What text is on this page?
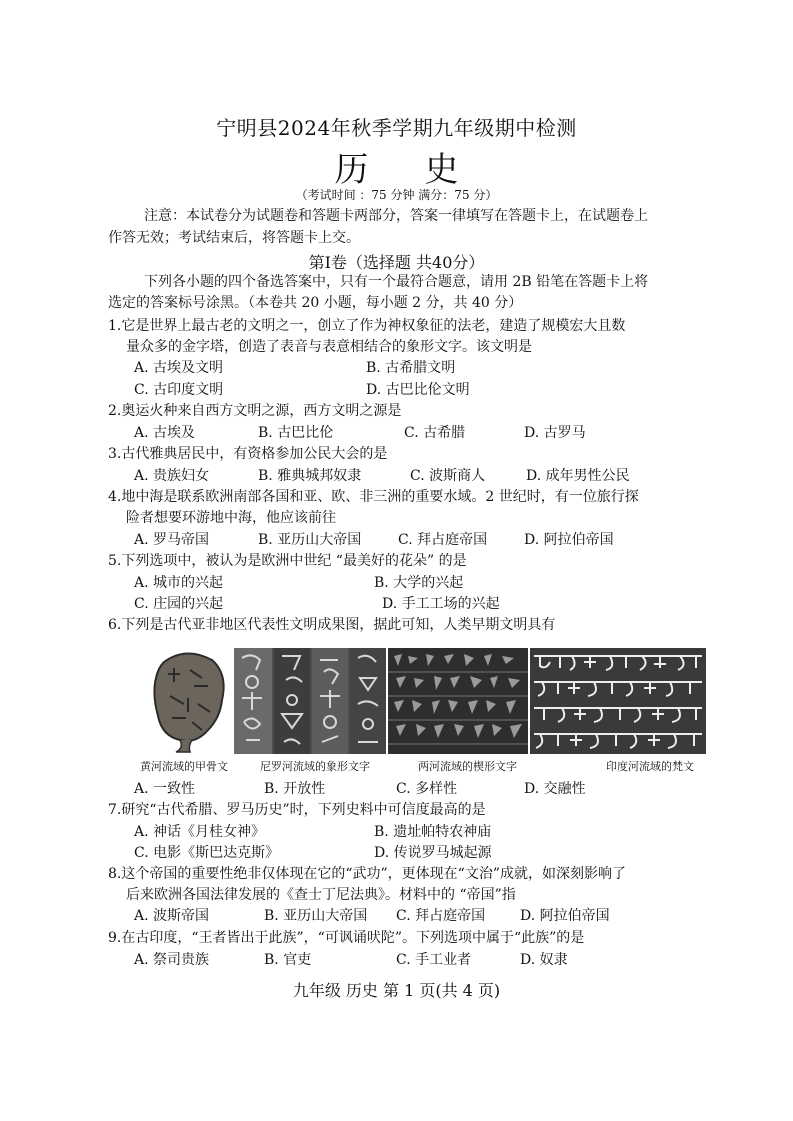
宁明县2024年秋季学期九年级期中检测
历史
（考试时间 ：75 分钟 满分：75 分）
注意：本试卷分为试题卷和答题卡两部分，答案一律填写在答题卡上，在试题卷上
作答无效；考试结束后，将答题卡上交。
第Ⅰ卷（选择题 共40分）
下列各小题的四个备选答案中，只有一个最符合题意，请用 2B 铅笔在答题卡上将
选定的答案标号涂黑。（本卷共 20 小题，每小题 2 分，共 40 分）
1.它是世界上最古老的文明之一，创立了作为神权象征的法老，建造了规模宏大且数
量众多的金字塔，创造了表音与表意相结合的象形文字。该文明是
A. 古埃及文明	B. 古希腊文明
C. 古印度文明	D. 古巴比伦文明
2.奥运火种来自西方文明之源，西方文明之源是
A. 古埃及	B. 古巴比伦	C. 古希腊	D. 古罗马
3.古代雅典居民中，有资格参加公民大会的是
A. 贵族妇女	B. 雅典城邦奴隶	C. 波斯商人	D. 成年男性公民
4.地中海是联系欧洲南部各国和亚、欧、非三洲的重要水域。2 世纪时，有一位旅行探
险者想要环游地中海，他应该前往
A. 罗马帝国	B. 亚历山大帝国	C. 拜占庭帝国	D. 阿拉伯帝国
5.下列选项中，被认为是欧洲中世纪 “最美好的花朵” 的是
A. 城市的兴起	B. 大学的兴起
C. 庄园的兴起	D. 手工工场的兴起
6.下列是古代亚非地区代表性文明成果图，据此可知，人类早期文明具有
黄河流域的甲骨文	尼罗河流域的象形文字	两河流域的楔形文字	印度河流域的梵文
A. 一致性	B. 开放性	C. 多样性	D. 交融性
7.研究“古代希腊、罗马历史”时，下列史料中可信度最高的是
A. 神话《月桂女神》	B. 遗址帕特农神庙
C. 电影《斯巴达克斯》	D. 传说罗马城起源
8.这个帝国的重要性绝非仅体现在它的“武功”，更体现在“文治”成就，如深刻影响了
后来欧洲各国法律发展的《查士丁尼法典》。材料中的 “帝国”指
A. 波斯帝国	B. 亚历山大帝国 C. 拜占庭帝国 D. 阿拉伯帝国
9.在古印度，“王者皆出于此族”，“可讽诵吠陀”。下列选项中属于“此族”的是
A. 祭司贵族	B. 官吏	C. 手工业者	D. 奴隶
九年级 历史 第 1 页(共 4 页)
